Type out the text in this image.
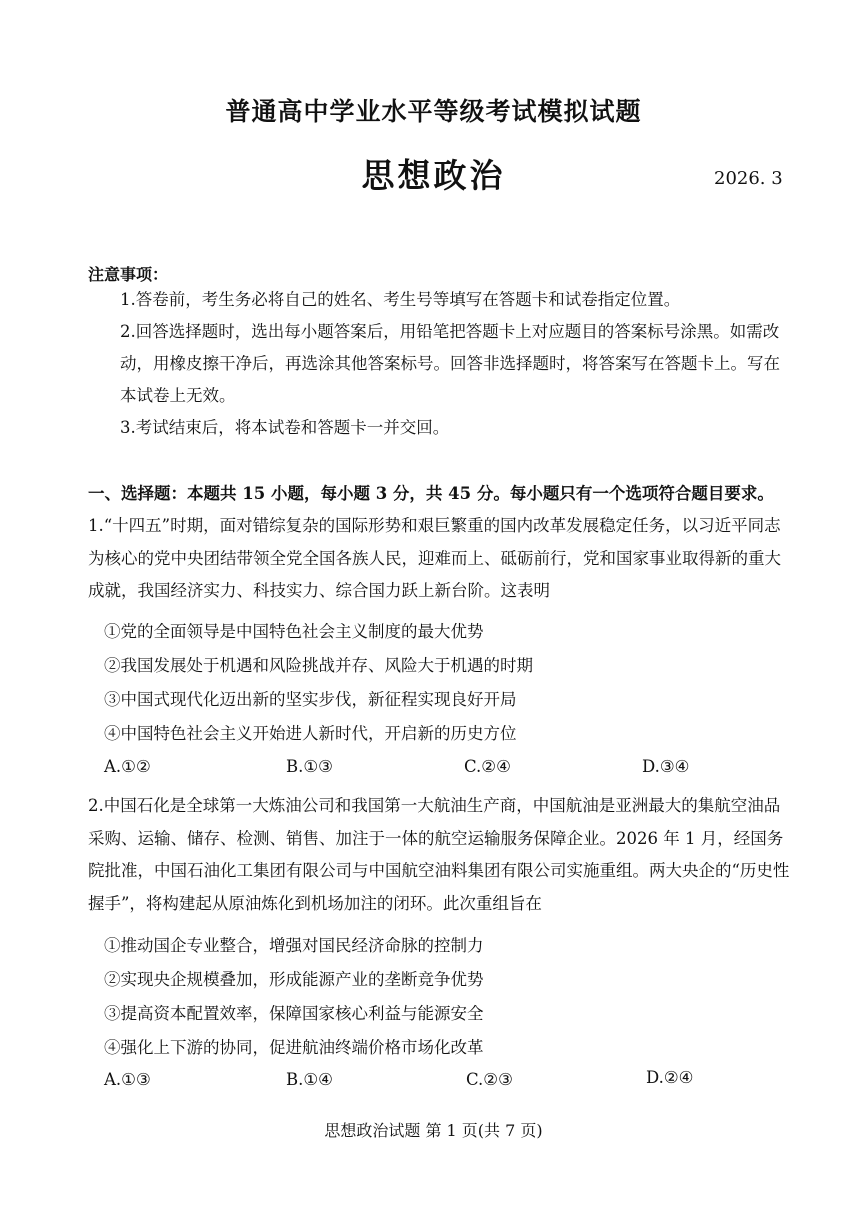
普通高中学业水平等级考试模拟试题
思想政治	2026. 3
注意事项：
1.答卷前，考生务必将自己的姓名、考生号等填写在答题卡和试卷指定位置。
2.回答选择题时，选出每小题答案后，用铅笔把答题卡上对应题目的答案标号涂黑。如需改动，用橡皮擦干净后，再选涂其他答案标号。回答非选择题时，将答案写在答题卡上。写在本试卷上无效。
3.考试结束后，将本试卷和答题卡一并交回。
一、选择题：本题共 15 小题，每小题 3 分，共 45 分。每小题只有一个选项符合题目要求。
1.“十四五”时期，面对错综复杂的国际形势和艰巨繁重的国内改革发展稳定任务，以习近平同志为核心的党中央团结带领全党全国各族人民，迎难而上、砥砺前行，党和国家事业取得新的重大成就，我国经济实力、科技实力、综合国力跃上新台阶。这表明
①党的全面领导是中国特色社会主义制度的最大优势
②我国发展处于机遇和风险挑战并存、风险大于机遇的时期
③中国式现代化迈出新的坚实步伐，新征程实现良好开局
④中国特色社会主义开始进人新时代，开启新的历史方位
A.①②	B.①③	C.②④	D.③④
2.中国石化是全球第一大炼油公司和我国第一大航油生产商，中国航油是亚洲最大的集航空油品采购、运输、储存、检测、销售、加注于一体的航空运输服务保障企业。2026 年 1 月，经国务院批准，中国石油化工集团有限公司与中国航空油料集团有限公司实施重组。两大央企的“历史性握手”，将构建起从原油炼化到机场加注的闭环。此次重组旨在
①推动国企专业整合，增强对国民经济命脉的控制力
②实现央企规模叠加，形成能源产业的垄断竞争优势
③提高资本配置效率，保障国家核心利益与能源安全
④强化上下游的协同，促进航油终端价格市场化改革
A.①③	B.①④	C.②③	D.②④
思想政治试题 第 1 页(共 7 页)
